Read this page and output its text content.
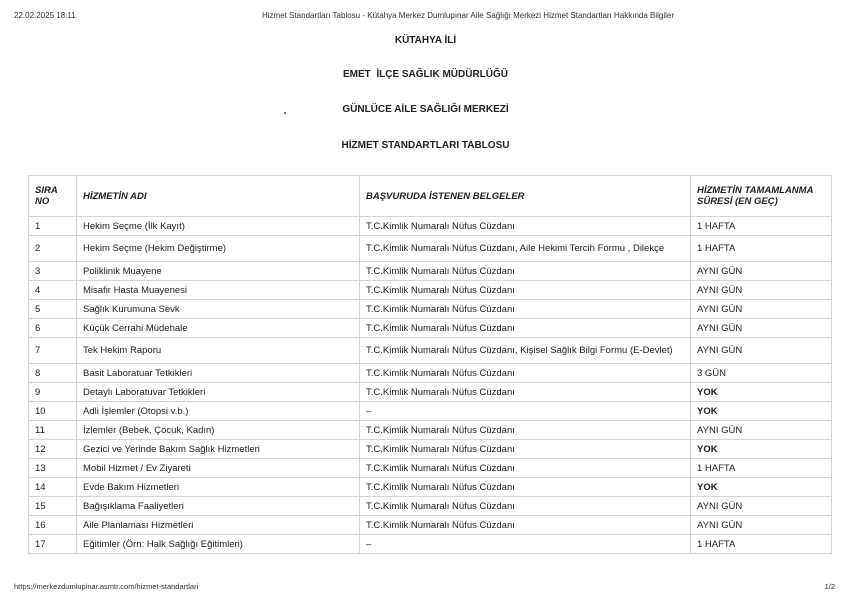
22.02.2025 18:11	Hizmet Standartları Tablosu - Kütahya Merkez Dumlupınar Aile Sağlığı Merkezi Hizmet Standartları Hakkında Bilgiler
KÜTAHYA İLİ
EMET  İLÇE SAĞLIK MÜDÜRLÜĞÜ
GÜNLÜCE AİLE SAĞLIĞI MERKEZİ
HİZMET STANDARTLARI TABLOSU
SIRA NO	HİZMETİN ADI	BAŞVURUDA İSTENEN BELGELER	HİZMETİN TAMAMLANMA SÜRESİ (EN GEÇ)
1	Hekim Seçme (İlk Kayıt)	T.C.Kimlik Numaralı Nüfus Cüzdanı	1 HAFTA
2	Hekim Seçme (Hekim Değiştirme)	T.C.Kimlik Numaralı Nüfus Cüzdanı, Aile Hekimi Tercih Formu , Dilekçe	1 HAFTA
3	Poliklinik Muayene	T.C.Kimlik Numaralı Nüfus Cüzdanı	AYNI GÜN
4	Misafir Hasta Muayenesi	T.C.Kimlik Numaralı Nüfus Cüzdanı	AYNI GÜN
5	Sağlık Kurumuna Sevk	T.C.Kimlik Numaralı Nüfus Cüzdanı	AYNI GÜN
6	Küçük Cerrahi Müdehale	T.C.Kimlik Numaralı Nüfus Cüzdanı	AYNI GÜN
7	Tek Hekim Raporu	T.C.Kimlik Numaralı Nüfus Cüzdanı, Kişisel Sağlık Bilgi Formu (E-Devlet)	AYNI GÜN
8	Basit Laboratuar Tetkikleri	T.C.Kimlik Numaralı Nüfus Cüzdanı	3 GÜN
9	Detaylı Laboratuvar Tetkikleri	T.C.Kimlik Numaralı Nüfus Cüzdanı	YOK
10	Adli İşlemler (Otopsi v.b.)	–	YOK
11	İzlemler (Bebek, Çocuk, Kadın)	T.C.Kimlik Numaralı Nüfus Cüzdanı	AYNI GÜN
12	Gezici ve Yerinde Bakım Sağlık Hizmetleri	T.C.Kimlik Numaralı Nüfus Cüzdanı	YOK
13	Mobil Hizmet / Ev Ziyareti	T.C.Kimlik Numaralı Nüfus Cüzdanı	1 HAFTA
14	Evde Bakım Hizmetleri	T.C.Kimlik Numaralı Nüfus Cüzdanı	YOK
15	Bağışıklama Faaliyetleri	T.C.Kimlik Numaralı Nüfus Cüzdanı	AYNI GÜN
16	Aile Planlaması Hizmetleri	T.C.Kimlik Numaralı Nüfus Cüzdanı	AYNI GÜN
17	Eğitimler (Örn: Halk Sağlığı Eğitimleri)	–	1 HAFTA
https://merkezdumlupinar.asmtr.com/hizmet-standartlari	1/2
